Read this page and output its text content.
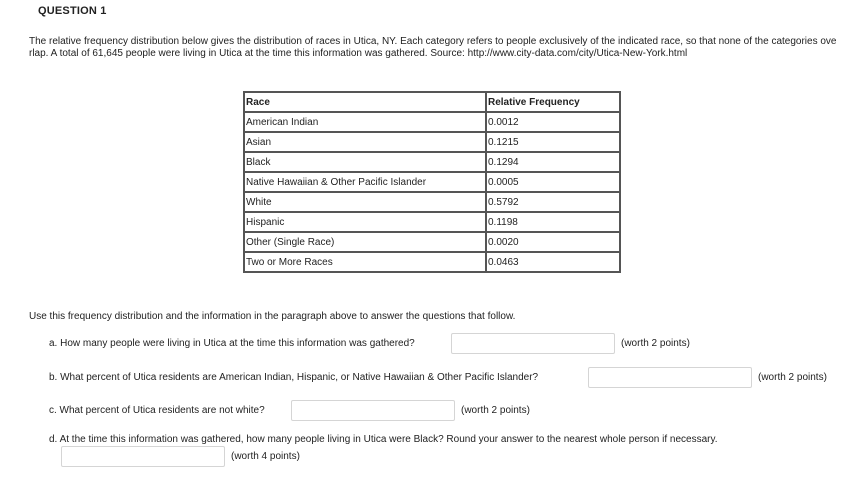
QUESTION 1
The relative frequency distribution below gives the distribution of races in Utica, NY. Each category refers to people exclusively of the indicated race, so that none of the categories overlap. A total of 61,645 people were living in Utica at the time this information was gathered. Source: http://www.city-data.com/city/Utica-New-York.html
Race	Relative Frequency
American Indian	0.0012
Asian	0.1215
Black	0.1294
Native Hawaiian & Other Pacific Islander	0.0005
White	0.5792
Hispanic	0.1198
Other (Single Race)	0.0020
Two or More Races	0.0463
Use this frequency distribution and the information in the paragraph above to answer the questions that follow.
a. How many people were living in Utica at the time this information was gathered?	(worth 2 points)
b. What percent of Utica residents are American Indian, Hispanic, or Native Hawaiian & Other Pacific Islander?	(worth 2 points)
c. What percent of Utica residents are not white?	(worth 2 points)
d. At the time this information was gathered, how many people living in Utica were Black? Round your answer to the nearest whole person if necessary.
(worth 4 points)
